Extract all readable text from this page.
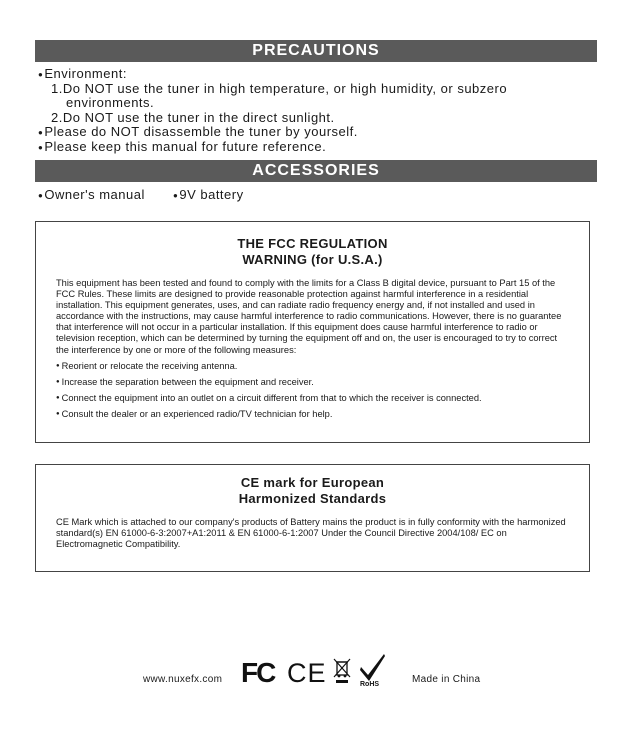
PRECAUTIONS
● Environment:
1.Do NOT use the tuner in high temperature, or high humidity, or subzero
environments.
2.Do NOT use the tuner in the direct sunlight.
● Please do NOT disassemble the tuner by yourself.
● Please keep this manual for future reference.
ACCESSORIES
● Owner's manual
●	9V battery
THE FCC REGULATION
WARNING (for U.S.A.)
This equipment has been tested and found to comply with the limits for a Class B digital device, pursuant to Part 15 of the FCC Rules. These limits are designed to provide reasonable protection against harmful interference in a residential installation. This equipment generates, uses, and can radiate radio frequency energy and, if not installed and used in accordance with the instructions, may cause harmful interference to radio communications. However, there is no guarantee that interference will not occur in a particular installation. If this equipment does cause harmful interference to radio or television reception, which can be determined by turning the equipment off and on, the user is encouraged to try to correct the interference by one or more of the following measures:
● Reorient or relocate the receiving antenna.
● Increase the separation between the equipment and receiver.
● Connect the equipment into an outlet on a circuit different from that to which the receiver is connected.
● Consult the dealer or an experienced radio/TV technician for help.
CE mark for European
Harmonized Standards
CE Mark which is attached to our company's products of Battery mains the product is in fully conformity with the harmonized standard(s) EN 61000-6-3:2007+A1:2011 & EN 61000-6-1:2007 Under the Council Directive 2004/108/ EC on Electromagnetic Compatibility.
www.nuxefx.com FC CE	RoHS	Made in China
